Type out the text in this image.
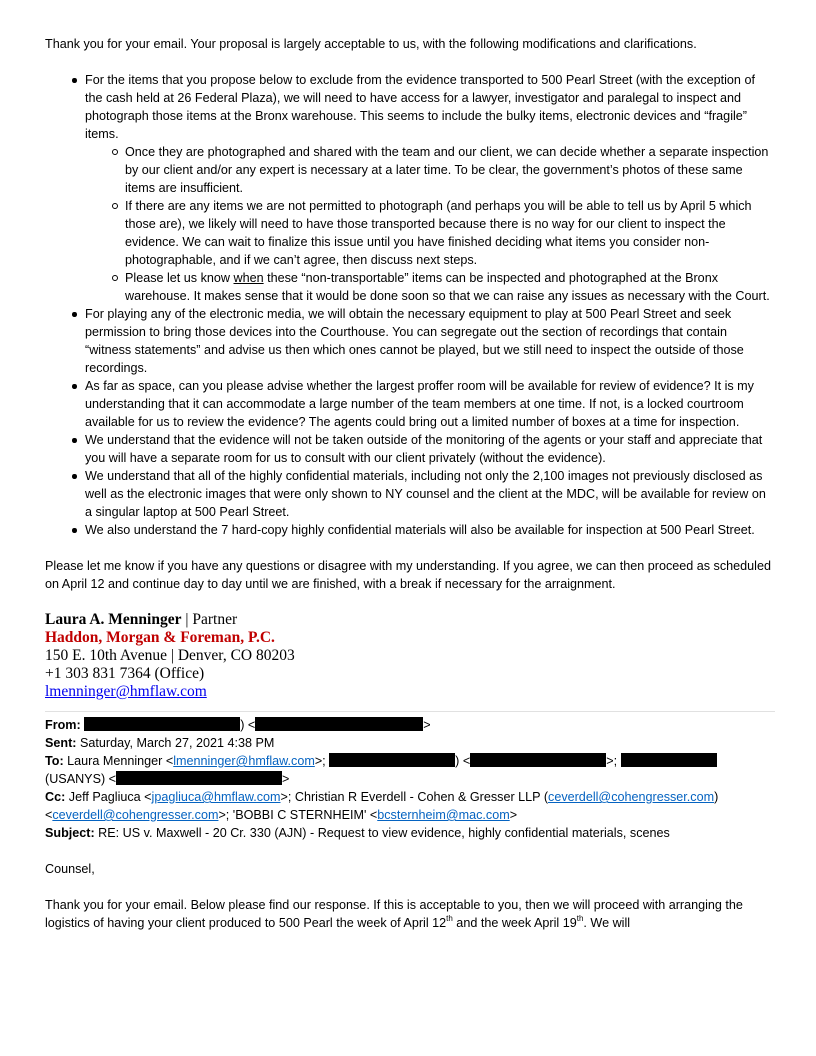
Thank you for your email. Your proposal is largely acceptable to us, with the following modifications and clarifications.

For the items that you propose below to exclude from the evidence transported to 500 Pearl Street (with the exception of the cash held at 26 Federal Plaza), we will need to have access for a lawyer, investigator and paralegal to inspect and photograph those items at the Bronx warehouse. This seems to include the bulky items, electronic devices and “fragile” items.
Once they are photographed and shared with the team and our client, we can decide whether a separate inspection by our client and/or any expert is necessary at a later time. To be clear, the government’s photos of these same items are insufficient.
If there are any items we are not permitted to photograph (and perhaps you will be able to tell us by April 5 which those are), we likely will need to have those transported because there is no way for our client to inspect the evidence. We can wait to finalize this issue until you have finished deciding what items you consider non-photographable, and if we can’t agree, then discuss next steps.
Please let us know when these “non-transportable” items can be inspected and photographed at the Bronx warehouse. It makes sense that it would be done soon so that we can raise any issues as necessary with the Court.
For playing any of the electronic media, we will obtain the necessary equipment to play at 500 Pearl Street and seek permission to bring those devices into the Courthouse. You can segregate out the section of recordings that contain “witness statements” and advise us then which ones cannot be played, but we still need to inspect the outside of those recordings.
As far as space, can you please advise whether the largest proffer room will be available for review of evidence? It is my understanding that it can accommodate a large number of the team members at one time. If not, is a locked courtroom available for us to review the evidence? The agents could bring out a limited number of boxes at a time for inspection.
We understand that the evidence will not be taken outside of the monitoring of the agents or your staff and appreciate that you will have a separate room for us to consult with our client privately (without the evidence).
We understand that all of the highly confidential materials, including not only the 2,100 images not previously disclosed as well as the electronic images that were only shown to NY counsel and the client at the MDC, will be available for review on a singular laptop at 500 Pearl Street.
We also understand the 7 hard-copy highly confidential materials will also be available for inspection at 500 Pearl Street.

Please let me know if you have any questions or disagree with my understanding. If you agree, we can then proceed as scheduled on April 12 and continue day to day until we are finished, with a break if necessary for the arraignment.

Laura A. Menninger | Partner
Haddon, Morgan & Foreman, P.C.
150 E. 10th Avenue | Denver, CO 80203
+1 303 831 7364 (Office)
lmenninger@hmflaw.com
From:	) <	>
Sent: Saturday, March 27, 2021 4:38 PM
To: Laura Menninger <lmenninger@hmflaw.com>;	) <	>;
(USANYS) <	>
Cc: Jeff Pagliuca <jpagliuca@hmflaw.com>; Christian R Everdell - Cohen & Gresser LLP (ceverdell@cohengresser.com)
<ceverdell@cohengresser.com>; 'BOBBI C STERNHEIM' <bcsternheim@mac.com>
Subject: RE: US v. Maxwell - 20 Cr. 330 (AJN) - Request to view evidence, highly confidential materials, scenes

Counsel,

Thank you for your email. Below please find our response. If this is acceptable to you, then we will proceed with arranging the logistics of having your client produced to 500 Pearl the week of April 12th and the week April 19th. We will
